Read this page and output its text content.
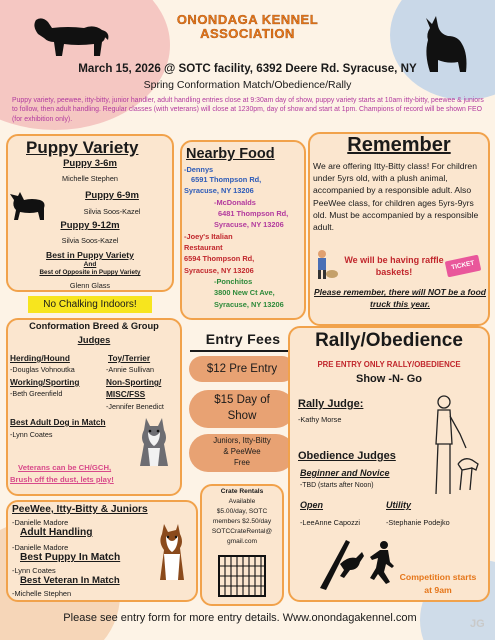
ONONDAGA KENNEL
ASSOCIATION
March 15, 2026 @ SOTC facility, 6392 Deere Rd. Syracuse, NY
Spring Conformation Match/Obedience/Rally
Puppy variety, peewee, itty-bitty, junior handler, adult handling entries close at 9:30am day of show, puppy variety starts at 10am itty-bitty, peewee & juniors to follow, then adult handling. Regular classes (with veterans) will close at 1230pm, day of show and start at 1pm. Champions of record will be shown FEO (for exhibition only).
Puppy Variety
Puppy 3-6m
Michelle Stephen
Puppy 6-9m
Silvia Soos-Kazel
Puppy 9-12m
Silvia Soos-Kazel
Best in Puppy Variety
And
Best of Opposite in Puppy Variety
Glenn Glass
No Chalking Indoors!
Nearby Food
-Dennys
6591 Thompson Rd,
Syracuse, NY 13206
-McDonalds
6481 Thompson Rd,
Syracuse, NY 13206
-Joey's Italian
Restaurant
6594 Thompson Rd,
Syracuse, NY 13206
-Ponchitos
3800 New Ct Ave,
Syracuse, NY 13206
Remember
We are offering Itty-Bitty class! For children under 5yrs old, with a plush animal, accompanied by a responsible adult. Also PeeWee class, for children ages 5yrs-9yrs old. Must be accompanied by a responsible adult.
We will be having raffle baskets!
TICKET
Please remember, there will NOT be a food truck this year.
Conformation Breed & Group
Judges
Herding/Hound
-Douglas Vohnoutka
Working/Sporting
-Beth Greenfield
Toy/Terrier
-Annie Sullivan
Non-Sporting/
MISC/FSS
-Jennifer Benedict
Best Adult Dog in Match
-Lynn Coates
Veterans can be CH/GCH,
Brush off the dust, lets play!
Entry Fees
$12 Pre Entry
$15 Day of
Show
Juniors, Itty-Bitty
& PeeWee
Free
Crate Rentals
Available
$5.00/day, SOTC
members $2.50/day
SOTCCrateRental@
gmail.com
Rally/Obedience
PRE ENTRY ONLY RALLY/OBEDIENCE
Show -N- Go
Rally Judge:
-Kathy Morse
Obedience Judges
Beginner and Novice
-TBD (starts after Noon)
Open
-LeeAnne Capozzi
Utility
-Stephanie Podejko
Competition starts
at 9am
PeeWee, Itty-Bitty & Juniors
-Danielle Madore
Adult Handling
-Danielle Madore
Best Puppy In Match
-Lynn Coates
Best Veteran In Match
-Michelle Stephen
Please see entry form for more entry details. Www.onondagakennel.com	JG
